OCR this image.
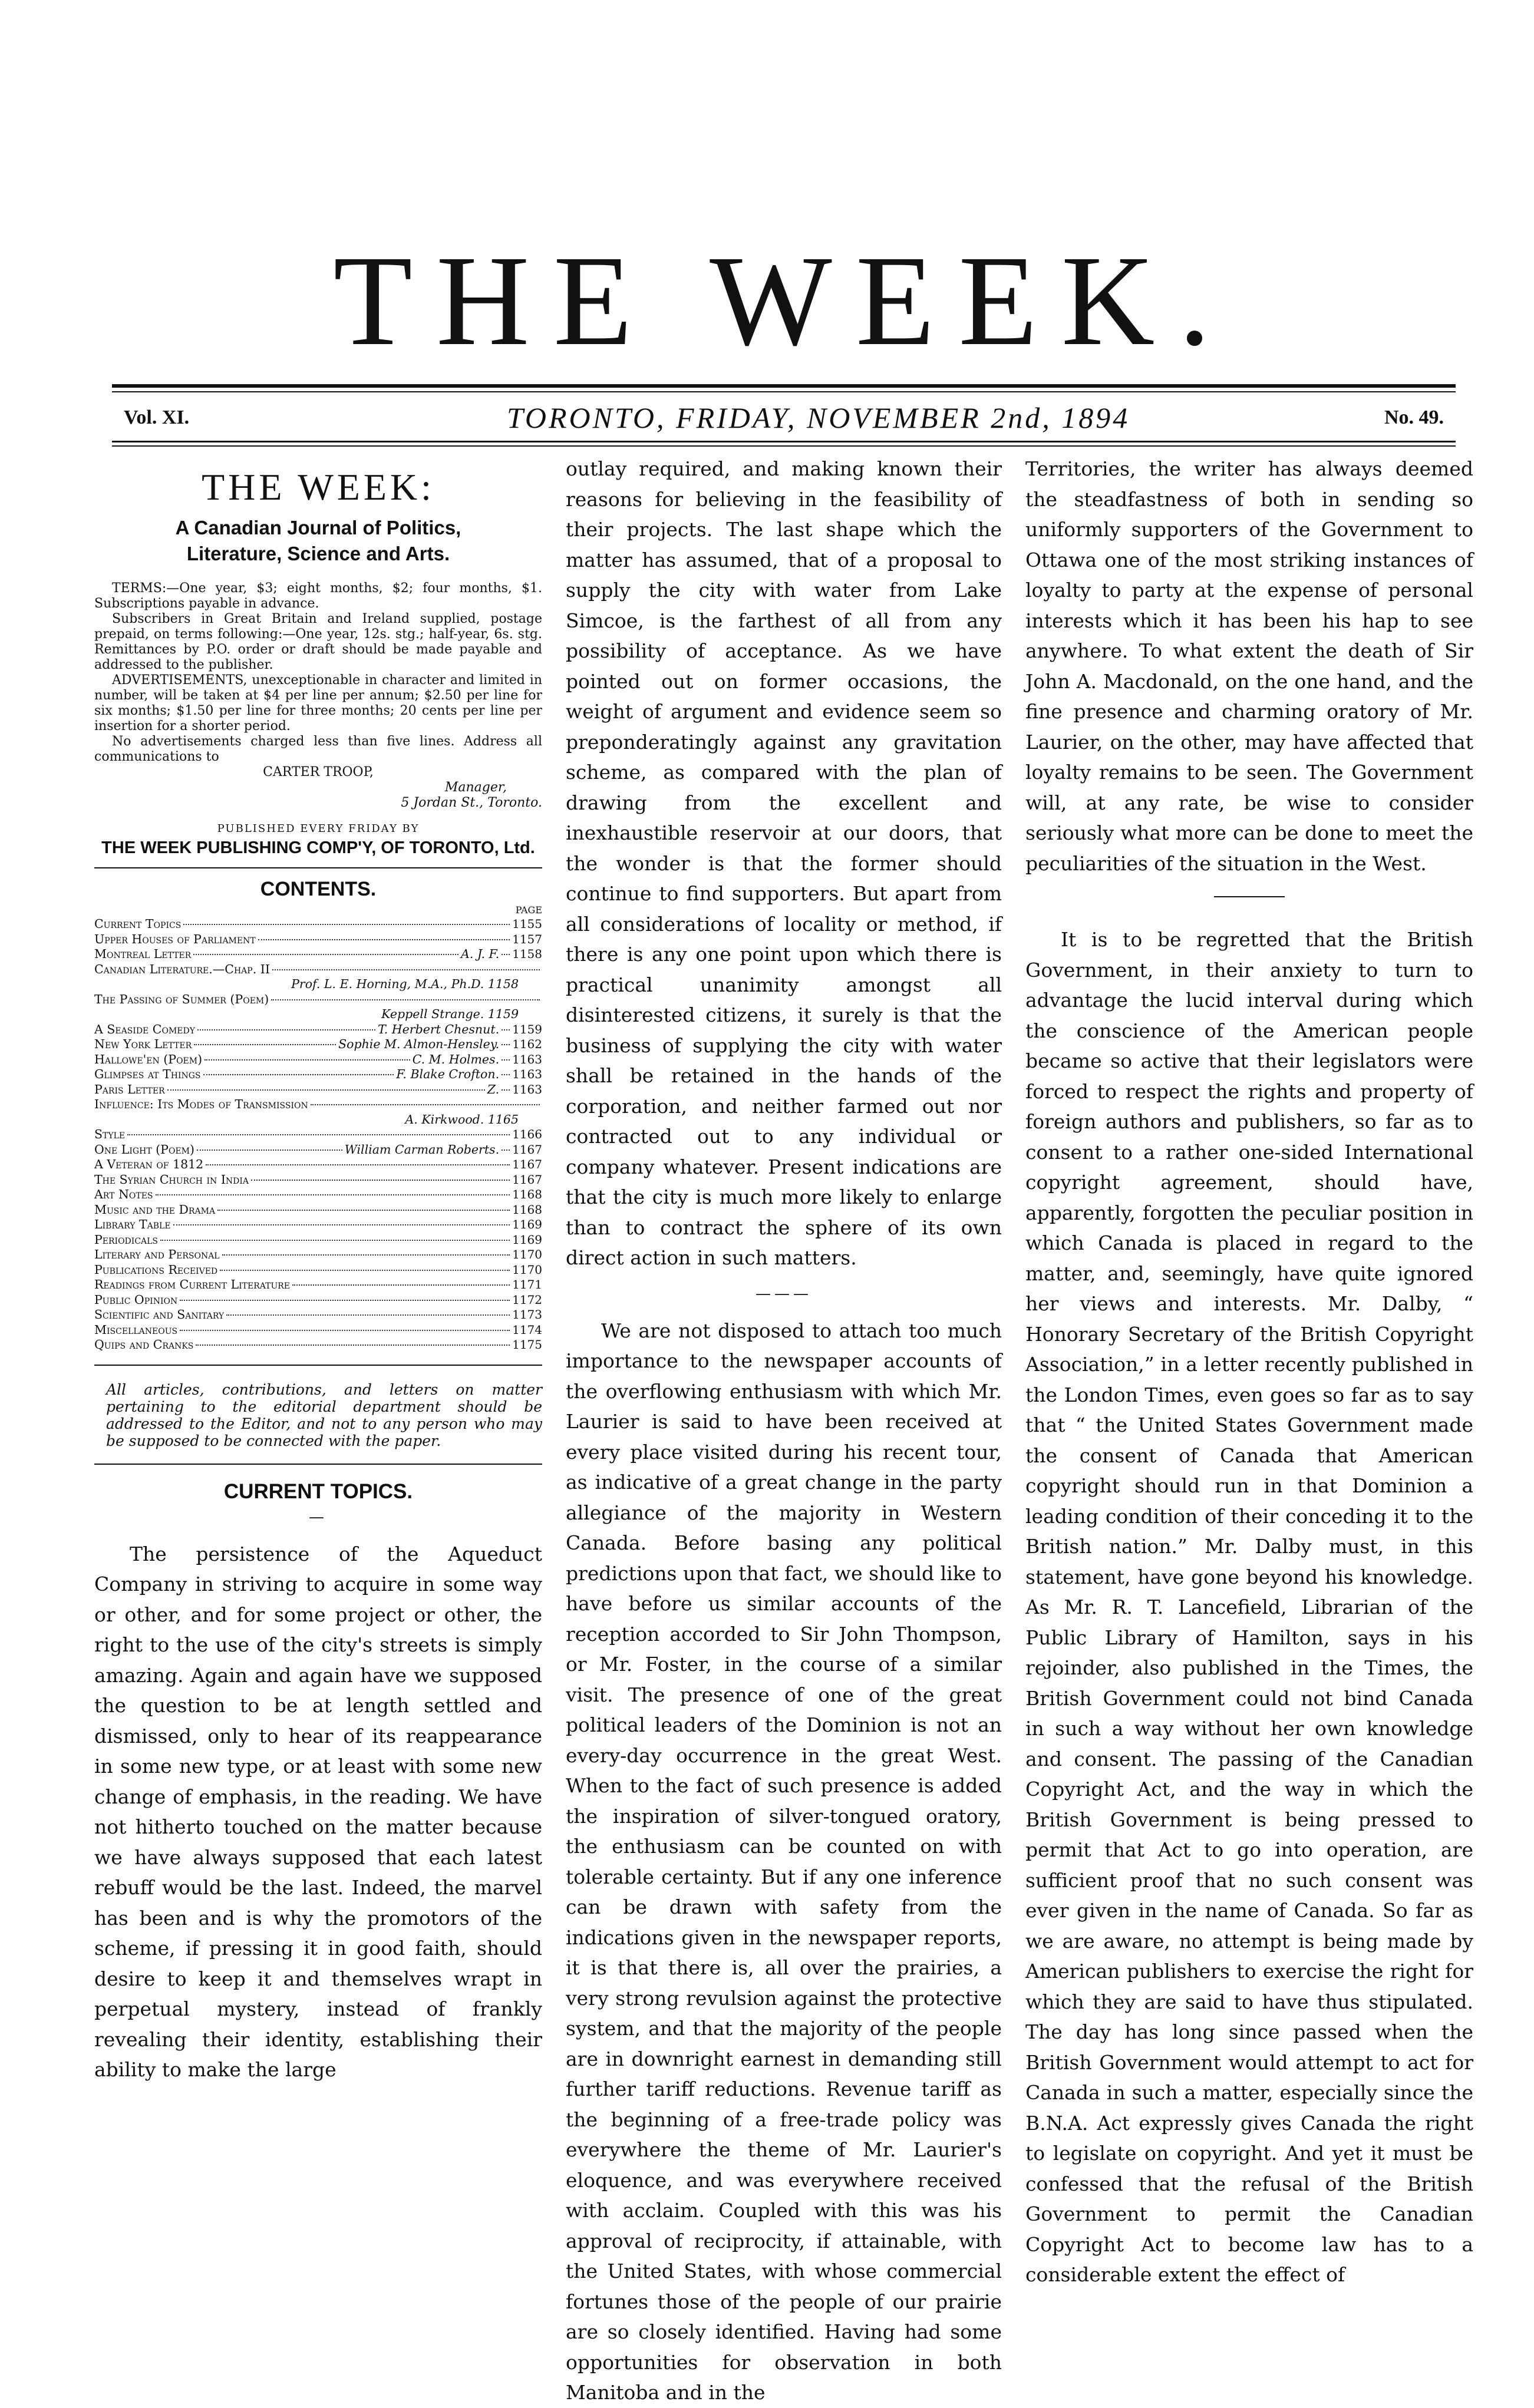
THE WEEK.
Vol. XI.	TORONTO, FRIDAY, NOVEMBER 2nd, 1894	No. 49.
THE WEEK:
A Canadian Journal of Politics,
Literature, Science and Arts.

TERMS:—One year, $3; eight months, $2; four months, $1. Subscriptions payable in advance.

Subscribers in Great Britain and Ireland supplied, postage prepaid, on terms following:—One year, 12s. stg.; half-year, 6s. stg. Remittances by P.O. order or draft should be made payable and addressed to the publisher.

ADVERTISEMENTS, unexceptionable in character and limited in number, will be taken at $4 per line per annum; $2.50 per line for six months; $1.50 per line for three months; 20 cents per line per insertion for a shorter period.

No advertisements charged less than five lines. Address all communications to

CARTER TROOP,

Manager,

5 Jordan St., Toronto.

PUBLISHED EVERY FRIDAY BY
THE WEEK PUBLISHING COMP'Y, OF TORONTO, Ltd.
CONTENTS.
PAGE
Current Topics	1155
Upper Houses of Parliament	1157
Montreal Letter	A. J. F. 1158
Canadian Literature.—Chap. II
Prof. L. E. Horning, M.A., Ph.D. 1158
The Passing of Summer (Poem)
Keppell Strange. 1159
A Seaside Comedy	T. Herbert Chesnut. 1159
New York Letter	Sophie M. Almon-Hensley. 1162
Hallowe'en (Poem)	C. M. Holmes. 1163
Glimpses at Things	F. Blake Crofton. 1163
Paris Letter	Z. 1163
Influence: Its Modes of Transmission
A. Kirkwood. 1165
Style	1166
One Light (Poem)	William Carman Roberts. 1167
A Veteran of 1812	1167
The Syrian Church in India	1167
Art Notes	1168
Music and the Drama	1168
Library Table	1169
Periodicals	1169
Literary and Personal	1170
Publications Received	1170
Readings from Current Literature	1171
Public Opinion	1172
Scientific and Sanitary	1173
Miscellaneous	1174
Quips and Cranks	1175
All articles, contributions, and letters on matter pertaining to the editorial department should be addressed to the Editor, and not to any person who may be supposed to be connected with the paper.
CURRENT TOPICS.
—

The persistence of the Aqueduct Company in striving to acquire in some way or other, and for some project or other, the right to the use of the city's streets is simply amazing. Again and again have we supposed the question to be at length settled and dismissed, only to hear of its reappearance in some new type, or at least with some new change of emphasis, in the reading. We have not hitherto touched on the matter because we have always supposed that each latest rebuff would be the last. Indeed, the marvel has been and is why the promotors of the scheme, if pressing it in good faith, should desire to keep it and themselves wrapt in perpetual mystery, instead of frankly revealing their identity, establishing their ability to make the large

outlay required, and making known their reasons for believing in the feasibility of their projects. The last shape which the matter has assumed, that of a proposal to supply the city with water from Lake Simcoe, is the farthest of all from any possibility of acceptance. As we have pointed out on former occasions, the weight of argument and evidence seem so preponderatingly against any gravitation scheme, as compared with the plan of drawing from the excellent and inexhaustible reservoir at our doors, that the wonder is that the former should continue to find supporters. But apart from all considerations of locality or method, if there is any one point upon which there is practical unanimity amongst all disinterested citizens, it surely is that the business of supplying the city with water shall be retained in the hands of the corporation, and neither farmed out nor contracted out to any individual or company whatever. Present indications are that the city is much more likely to enlarge than to contract the sphere of its own direct action in such matters.

———

We are not disposed to attach too much importance to the newspaper accounts of the overflowing enthusiasm with which Mr. Laurier is said to have been received at every place visited during his recent tour, as indicative of a great change in the party allegiance of the majority in Western Canada. Before basing any political predictions upon that fact, we should like to have before us similar accounts of the reception accorded to Sir John Thompson, or Mr. Foster, in the course of a similar visit. The presence of one of the great political leaders of the Dominion is not an every-day occurrence in the great West. When to the fact of such presence is added the inspiration of silver-tongued oratory, the enthusiasm can be counted on with tolerable certainty. But if any one inference can be drawn with safety from the indications given in the newspaper reports, it is that there is, all over the prairies, a very strong revulsion against the protective system, and that the majority of the people are in downright earnest in demanding still further tariff reductions. Revenue tariff as the beginning of a free-trade policy was everywhere the theme of Mr. Laurier's eloquence, and was everywhere received with acclaim. Coupled with this was his approval of reciprocity, if attainable, with the United States, with whose commercial fortunes those of the people of our prairie are so closely identified. Having had some opportunities for observation in both Manitoba and in the

Territories, the writer has always deemed the steadfastness of both in sending so uniformly supporters of the Government to Ottawa one of the most striking instances of loyalty to party at the expense of personal interests which it has been his hap to see anywhere. To what extent the death of Sir John A. Macdonald, on the one hand, and the fine presence and charming oratory of Mr. Laurier, on the other, may have affected that loyalty remains to be seen. The Government will, at any rate, be wise to consider seriously what more can be done to meet the peculiarities of the situation in the West.

It is to be regretted that the British Government, in their anxiety to turn to advantage the lucid interval during which the conscience of the American people became so active that their legislators were forced to respect the rights and property of foreign authors and publishers, so far as to consent to a rather one-sided International copyright agreement, should have, apparently, forgotten the peculiar position in which Canada is placed in regard to the matter, and, seemingly, have quite ignored her views and interests. Mr. Dalby, “ Honorary Secretary of the British Copyright Association,” in a letter recently published in the London Times, even goes so far as to say that “ the United States Government made the consent of Canada that American copyright should run in that Dominion a leading condition of their conceding it to the British nation.” Mr. Dalby must, in this statement, have gone beyond his knowledge. As Mr. R. T. Lancefield, Librarian of the Public Library of Hamilton, says in his rejoinder, also published in the Times, the British Government could not bind Canada in such a way without her own knowledge and consent. The passing of the Canadian Copyright Act, and the way in which the British Government is being pressed to permit that Act to go into operation, are sufficient proof that no such consent was ever given in the name of Canada. So far as we are aware, no attempt is being made by American publishers to exercise the right for which they are said to have thus stipulated. The day has long since passed when the British Government would attempt to act for Canada in such a matter, especially since the B.N.A. Act expressly gives Canada the right to legislate on copyright. And yet it must be confessed that the refusal of the British Government to permit the Canadian Copyright Act to become law has to a considerable extent the effect of
